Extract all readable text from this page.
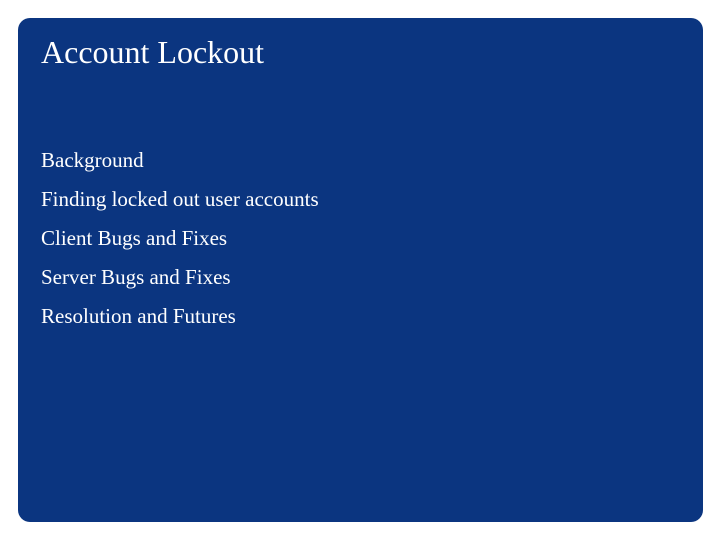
Account Lockout
Background
Finding locked out user accounts
Client Bugs and Fixes
Server Bugs and Fixes
Resolution and Futures
